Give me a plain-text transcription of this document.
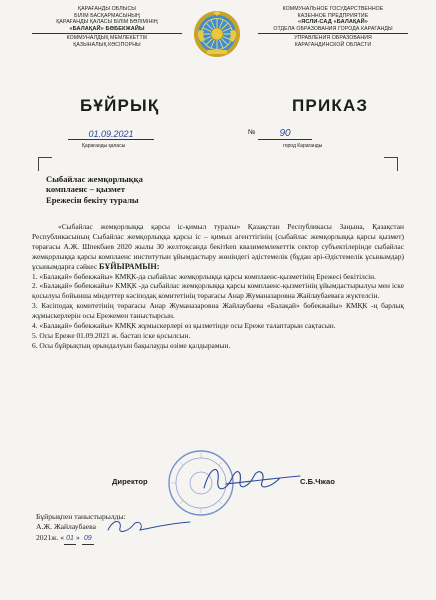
ҚАРАҒАНДЫ ОБЛЫСЫ
БІЛІМ БАСҚАРМАСЫНЫҢ
ҚАРАҒАНДЫ ҚАЛАСЫ БІЛІМ БӨЛІМІНІҢ
«БАЛАҚАЙ» БӨБЕКЖАЙЫ
КОММУНАЛДЫҚ МЕМЛЕКЕТТІК
ҚАЗЫНАЛЫҚ КӘСІПОРНЫ
КОММУНАЛЬНОЕ ГОСУДАРСТВЕННОЕ
КАЗЕННОЕ ПРЕДПРИЯТИЕ
«ЯСЛИ-САД «БАЛАҚАЙ»
ОТДЕЛА ОБРАЗОВАНИЯ ГОРОДА КАРАГАНДЫ
УПРАВЛЕНИЯ ОБРАЗОВАНИЯ
КАРАГАНДИНСКОЙ ОБЛАСТИ
БҰЙРЫҚ	ПРИКАЗ
01.09.2021	№	90
Қарағанды қаласы	город Караганды
Сыбайлас жемқорлыққа
комплаенс – қызмет
Ережесін бекіту туралы
«Сыбайлас жемқорлыққа қарсы іс-қимыл туралы» Қазақстан Республикасы Заңына, Қазақстан Республикасының Сыбайлас жемқорлыққа қарсы іс – қимыл агенттігінің (сыбайлас жемқорлыққа қарсы қызмет) төрағасы А.Ж. Шпекбаев 2020 жылы 30 желтоқсанда бекітken квазимемлекеттік сектор субъектілерінде сыбайлас жемқорлыққа қарсы комплаенс институтын ұйымдастыру жөніндегі әдістемелік (бұдан әрі-Әдістемелік ұсынымдар) ұсынымдарға сәйкес БҰЙЫРАМЫН:
1. «Балақай» бөбекжайы» КМҚК-да сыбайлас жемқорлыққа қарсы комплаенс-қызметінің Ережесі бекітілсін.
2. «Балақай» бөбекжайы» КМҚК -да сыбайлас жемқорлыққа қарсы комплаенс-қызметінің ұйымдастырылуы мен іске қосылуы бойынша міндеттер кәсіподақ комитетінің төрағасы Анар Жуманазаровна Жайлаубаеваға жүктелсін.
3. Кәсіподақ комитетінің төрағасы Анар Жуманазаровна Жайлаубаева «Балақай» бөбекжайы» КМҚК -ң барлық жұмыскерлерін осы Ережемен таныстырсын.
4. «Балақай» бөбекжайы» КМҚК жұмыскерлері өз қызметінде осы Ереже талаптарын сақтасын.
5. Осы Ереже 01.09.2021 ж. бастап іске қосылсын.
6. Осы бұйрықтың орындалуын бақылауды өзіме қалдырамын.
Директор	С.Б.Чжао
Бұйрықпен таныстырылды:
А.Ж. Жайлаубаева
2021ж. « 01 » 09
